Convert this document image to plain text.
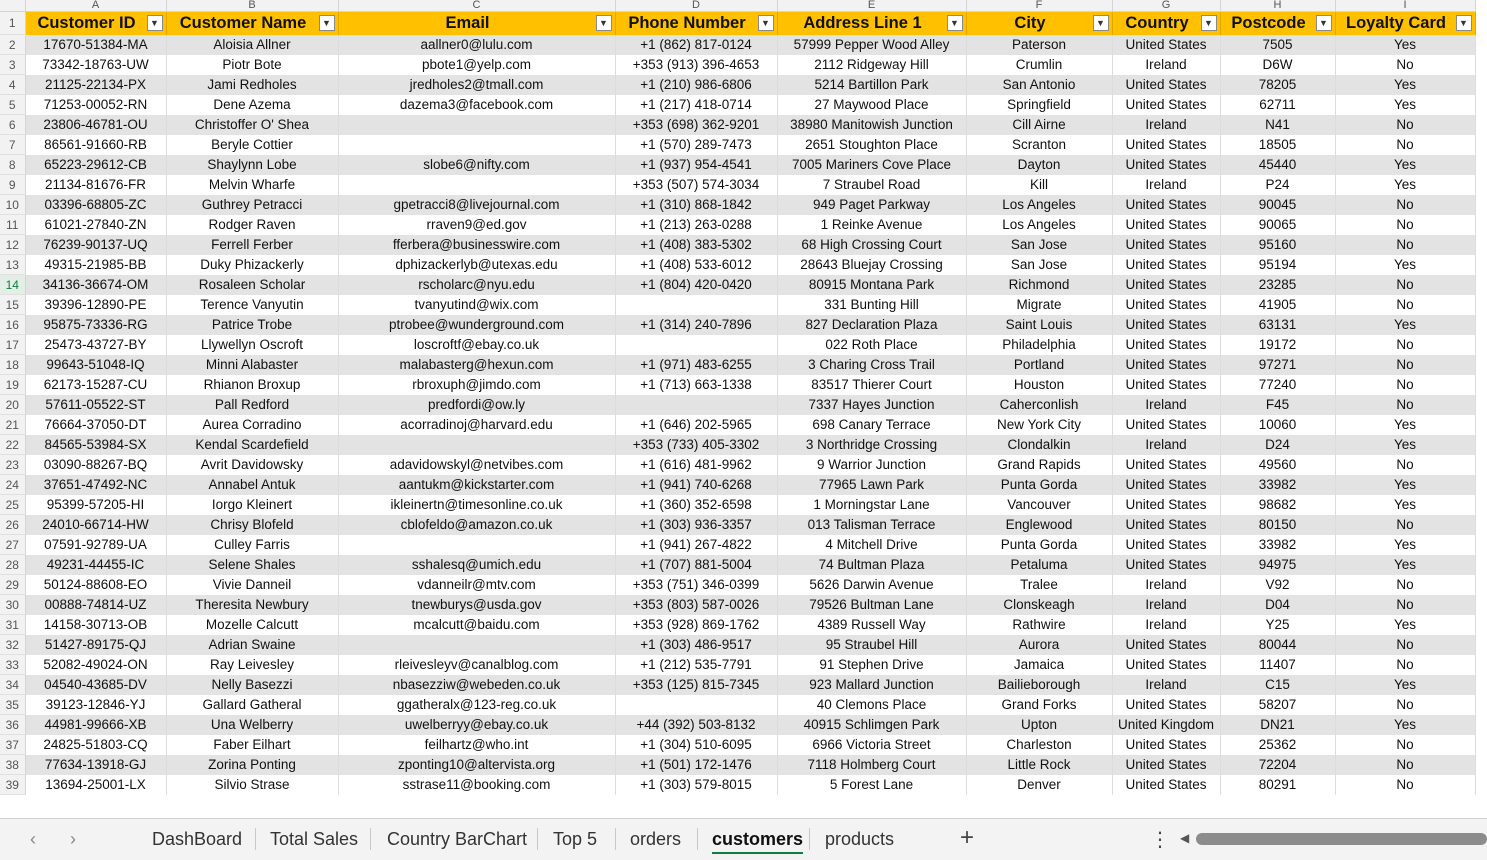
	A	B	C	D	E	F	G	H	I
1	Customer ID ▼	Customer Name ▼	Email ▼	Phone Number ▼	Address Line 1 ▼	City ▼	Country ▼	Postcode ▼	Loyalty Card ▼

2	17670-51384-MA	Aloisia Allner	aallner0@lulu.com	+1 (862) 817-0124	57999 Pepper Wood Alley	Paterson	United States	7505	Yes
3	73342-18763-UW	Piotr Bote	pbote1@yelp.com	+353 (913) 396-4653	2112 Ridgeway Hill	Crumlin	Ireland	D6W	No
4	21125-22134-PX	Jami Redholes	jredholes2@tmall.com	+1 (210) 986-6806	5214 Bartillon Park	San Antonio	United States	78205	Yes
5	71253-00052-RN	Dene Azema	dazema3@facebook.com	+1 (217) 418-0714	27 Maywood Place	Springfield	United States	62711	Yes
6	23806-46781-OU	Christoffer O' Shea		+353 (698) 362-9201	38980 Manitowish Junction	Cill Airne	Ireland	N41	No
7	86561-91660-RB	Beryle Cottier		+1 (570) 289-7473	2651 Stoughton Place	Scranton	United States	18505	No
8	65223-29612-CB	Shaylynn Lobe	slobe6@nifty.com	+1 (937) 954-4541	7005 Mariners Cove Place	Dayton	United States	45440	Yes
9	21134-81676-FR	Melvin Wharfe		+353 (507) 574-3034	7 Straubel Road	Kill	Ireland	P24	Yes
10	03396-68805-ZC	Guthrey Petracci	gpetracci8@livejournal.com	+1 (310) 868-1842	949 Paget Parkway	Los Angeles	United States	90045	No
11	61021-27840-ZN	Rodger Raven	rraven9@ed.gov	+1 (213) 263-0288	1 Reinke Avenue	Los Angeles	United States	90065	No
12	76239-90137-UQ	Ferrell Ferber	fferbera@businesswire.com	+1 (408) 383-5302	68 High Crossing Court	San Jose	United States	95160	No
13	49315-21985-BB	Duky Phizackerly	dphizackerlyb@utexas.edu	+1 (408) 533-6012	28643 Bluejay Crossing	San Jose	United States	95194	Yes
14	34136-36674-OM	Rosaleen Scholar	rscholarc@nyu.edu	+1 (804) 420-0420	80915 Montana Park	Richmond	United States	23285	No
15	39396-12890-PE	Terence Vanyutin	tvanyutind@wix.com		331 Bunting Hill	Migrate	United States	41905	No
16	95875-73336-RG	Patrice Trobe	ptrobee@wunderground.com	+1 (314) 240-7896	827 Declaration Plaza	Saint Louis	United States	63131	Yes
17	25473-43727-BY	Llywellyn Oscroft	loscroftf@ebay.co.uk		022 Roth Place	Philadelphia	United States	19172	No
18	99643-51048-IQ	Minni Alabaster	malabasterg@hexun.com	+1 (971) 483-6255	3 Charing Cross Trail	Portland	United States	97271	No
19	62173-15287-CU	Rhianon Broxup	rbroxuph@jimdo.com	+1 (713) 663-1338	83517 Thierer Court	Houston	United States	77240	No
20	57611-05522-ST	Pall Redford	predfordi@ow.ly		7337 Hayes Junction	Caherconlish	Ireland	F45	No
21	76664-37050-DT	Aurea Corradino	acorradinoj@harvard.edu	+1 (646) 202-5965	698 Canary Terrace	New York City	United States	10060	Yes
22	84565-53984-SX	Kendal Scardefield		+353 (733) 405-3302	3 Northridge Crossing	Clondalkin	Ireland	D24	Yes
23	03090-88267-BQ	Avrit Davidowsky	adavidowskyl@netvibes.com	+1 (616) 481-9962	9 Warrior Junction	Grand Rapids	United States	49560	No
24	37651-47492-NC	Annabel Antuk	aantukm@kickstarter.com	+1 (941) 740-6268	77965 Lawn Park	Punta Gorda	United States	33982	Yes
25	95399-57205-HI	Iorgo Kleinert	ikleinertn@timesonline.co.uk	+1 (360) 352-6598	1 Morningstar Lane	Vancouver	United States	98682	Yes
26	24010-66714-HW	Chrisy Blofeld	cblofeldo@amazon.co.uk	+1 (303) 936-3357	013 Talisman Terrace	Englewood	United States	80150	No
27	07591-92789-UA	Culley Farris		+1 (941) 267-4822	4 Mitchell Drive	Punta Gorda	United States	33982	Yes
28	49231-44455-IC	Selene Shales	sshalesq@umich.edu	+1 (707) 881-5004	74 Bultman Plaza	Petaluma	United States	94975	Yes
29	50124-88608-EO	Vivie Danneil	vdanneilr@mtv.com	+353 (751) 346-0399	5626 Darwin Avenue	Tralee	Ireland	V92	No
30	00888-74814-UZ	Theresita Newbury	tnewburys@usda.gov	+353 (803) 587-0026	79526 Bultman Lane	Clonskeagh	Ireland	D04	No
31	14158-30713-OB	Mozelle Calcutt	mcalcutt@baidu.com	+353 (928) 869-1762	4389 Russell Way	Rathwire	Ireland	Y25	Yes
32	51427-89175-QJ	Adrian Swaine		+1 (303) 486-9517	95 Straubel Hill	Aurora	United States	80044	No
33	52082-49024-ON	Ray Leivesley	rleivesleyv@canalblog.com	+1 (212) 535-7791	91 Stephen Drive	Jamaica	United States	11407	No
34	04540-43685-DV	Nelly Basezzi	nbasezziw@webeden.co.uk	+353 (125) 815-7345	923 Mallard Junction	Bailieborough	Ireland	C15	Yes
35	39123-12846-YJ	Gallard Gatheral	ggatheralx@123-reg.co.uk		40 Clemons Place	Grand Forks	United States	58207	No
36	44981-99666-XB	Una Welberry	uwelberryy@ebay.co.uk	+44 (392) 503-8132	40915 Schlimgen Park	Upton	United Kingdom	DN21	Yes
37	24825-51803-CQ	Faber Eilhart	feilhartz@who.int	+1 (304) 510-6095	6966 Victoria Street	Charleston	United States	25362	No
38	77634-13918-GJ	Zorina Ponting	zponting10@altervista.org	+1 (501) 172-1476	7118 Holmberg Court	Little Rock	United States	72204	No
39	13694-25001-LX	Silvio Strase	sstrase11@booking.com	+1 (303) 579-8015	5 Forest Lane	Denver	United States	80291	No
‹ ›	DashBoard Total Sales Country BarChart Top 5 orders customers products	+	⋮ ◀
